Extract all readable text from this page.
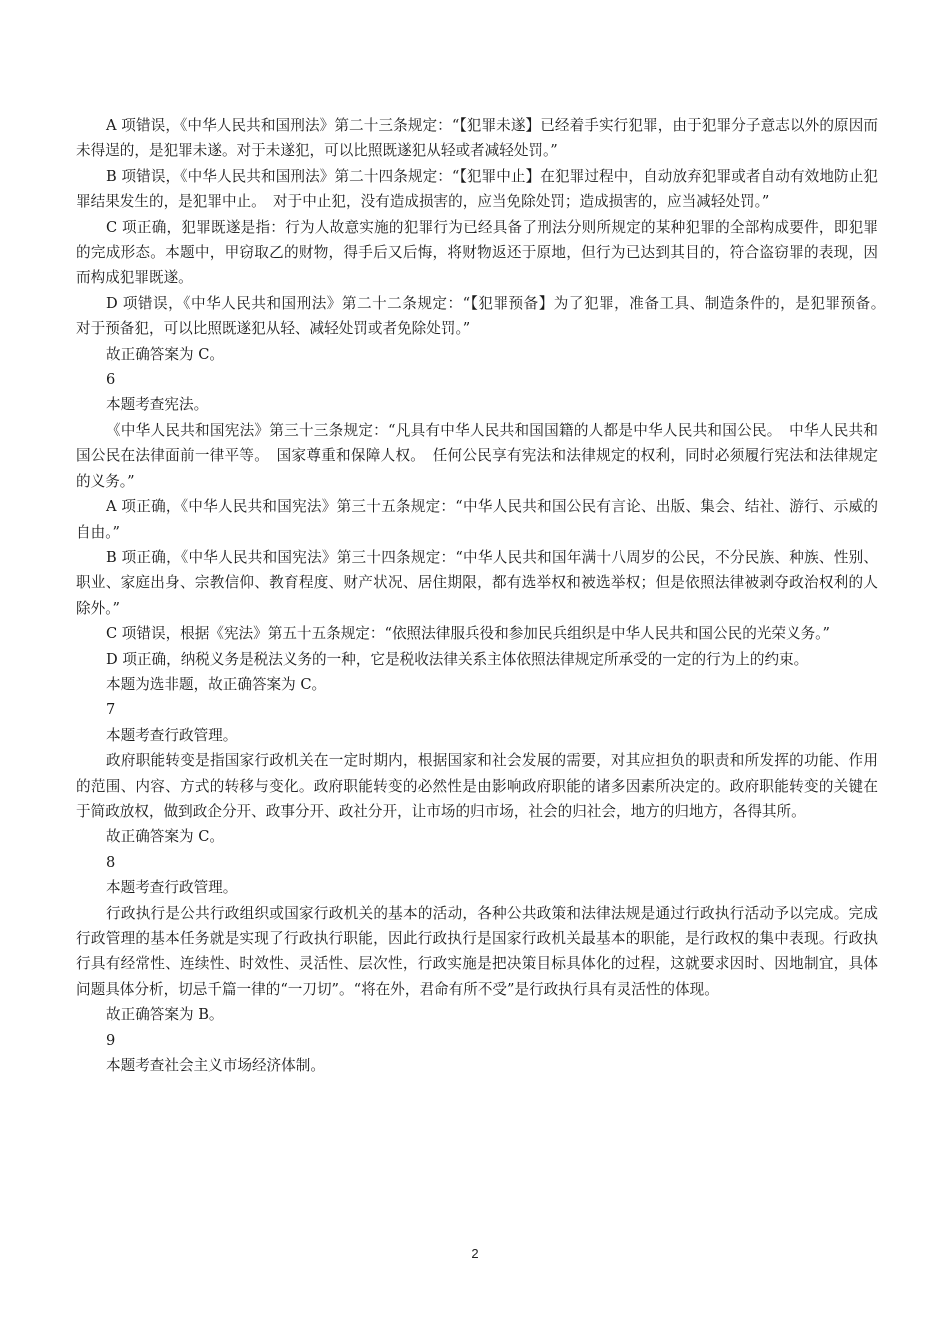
A 项错误，《中华人民共和国刑法》第二十三条规定：“【犯罪未遂】已经着手实行犯罪，由于犯罪分子意志以外的原因而未得逞的，是犯罪未遂。对于未遂犯，可以比照既遂犯从轻或者减轻处罚。”

B 项错误，《中华人民共和国刑法》第二十四条规定：“【犯罪中止】在犯罪过程中，自动放弃犯罪或者自动有效地防止犯罪结果发生的，是犯罪中止。　对于中止犯，没有造成损害的，应当免除处罚；造成损害的，应当减轻处罚。”

C 项正确，犯罪既遂是指：行为人故意实施的犯罪行为已经具备了刑法分则所规定的某种犯罪的全部构成要件，即犯罪的完成形态。本题中，甲窃取乙的财物，得手后又后悔，将财物返还于原地，但行为已达到其目的，符合盗窃罪的表现，因而构成犯罪既遂。

D 项错误，《中华人民共和国刑法》第二十二条规定：“【犯罪预备】为了犯罪，准备工具、制造条件的，是犯罪预备。　对于预备犯，可以比照既遂犯从轻、减轻处罚或者免除处罚。”

故正确答案为 C。

6

本题考查宪法。

《中华人民共和国宪法》第三十三条规定：“凡具有中华人民共和国国籍的人都是中华人民共和国公民。　中华人民共和国公民在法律面前一律平等。　国家尊重和保障人权。　任何公民享有宪法和法律规定的权利，同时必须履行宪法和法律规定的义务。”

A 项正确，《中华人民共和国宪法》第三十五条规定：“中华人民共和国公民有言论、出版、集会、结社、游行、示威的自由。”

B 项正确，《中华人民共和国宪法》第三十四条规定：“中华人民共和国年满十八周岁的公民，不分民族、种族、性别、职业、家庭出身、宗教信仰、教育程度、财产状况、居住期限，都有选举权和被选举权；但是依照法律被剥夺政治权利的人除外。”

C 项错误，根据《宪法》第五十五条规定：“依照法律服兵役和参加民兵组织是中华人民共和国公民的光荣义务。”

D 项正确，纳税义务是税法义务的一种，它是税收法律关系主体依照法律规定所承受的一定的行为上的约束。

本题为选非题，故正确答案为 C。

7

本题考查行政管理。

政府职能转变是指国家行政机关在一定时期内，根据国家和社会发展的需要，对其应担负的职责和所发挥的功能、作用的范围、内容、方式的转移与变化。政府职能转变的必然性是由影响政府职能的诸多因素所决定的。政府职能转变的关键在于简政放权，做到政企分开、政事分开、政社分开，让市场的归市场，社会的归社会，地方的归地方，各得其所。

故正确答案为 C。

8

本题考查行政管理。

行政执行是公共行政组织或国家行政机关的基本的活动，各种公共政策和法律法规是通过行政执行活动予以完成。完成行政管理的基本任务就是实现了行政执行职能，因此行政执行是国家行政机关最基本的职能，是行政权的集中表现。行政执行具有经常性、连续性、时效性、灵活性、层次性，行政实施是把决策目标具体化的过程，这就要求因时、因地制宜，具体问题具体分析，切忌千篇一律的“一刀切”。“将在外，君命有所不受”是行政执行具有灵活性的体现。

故正确答案为 B。

9

本题考查社会主义市场经济体制。

2
